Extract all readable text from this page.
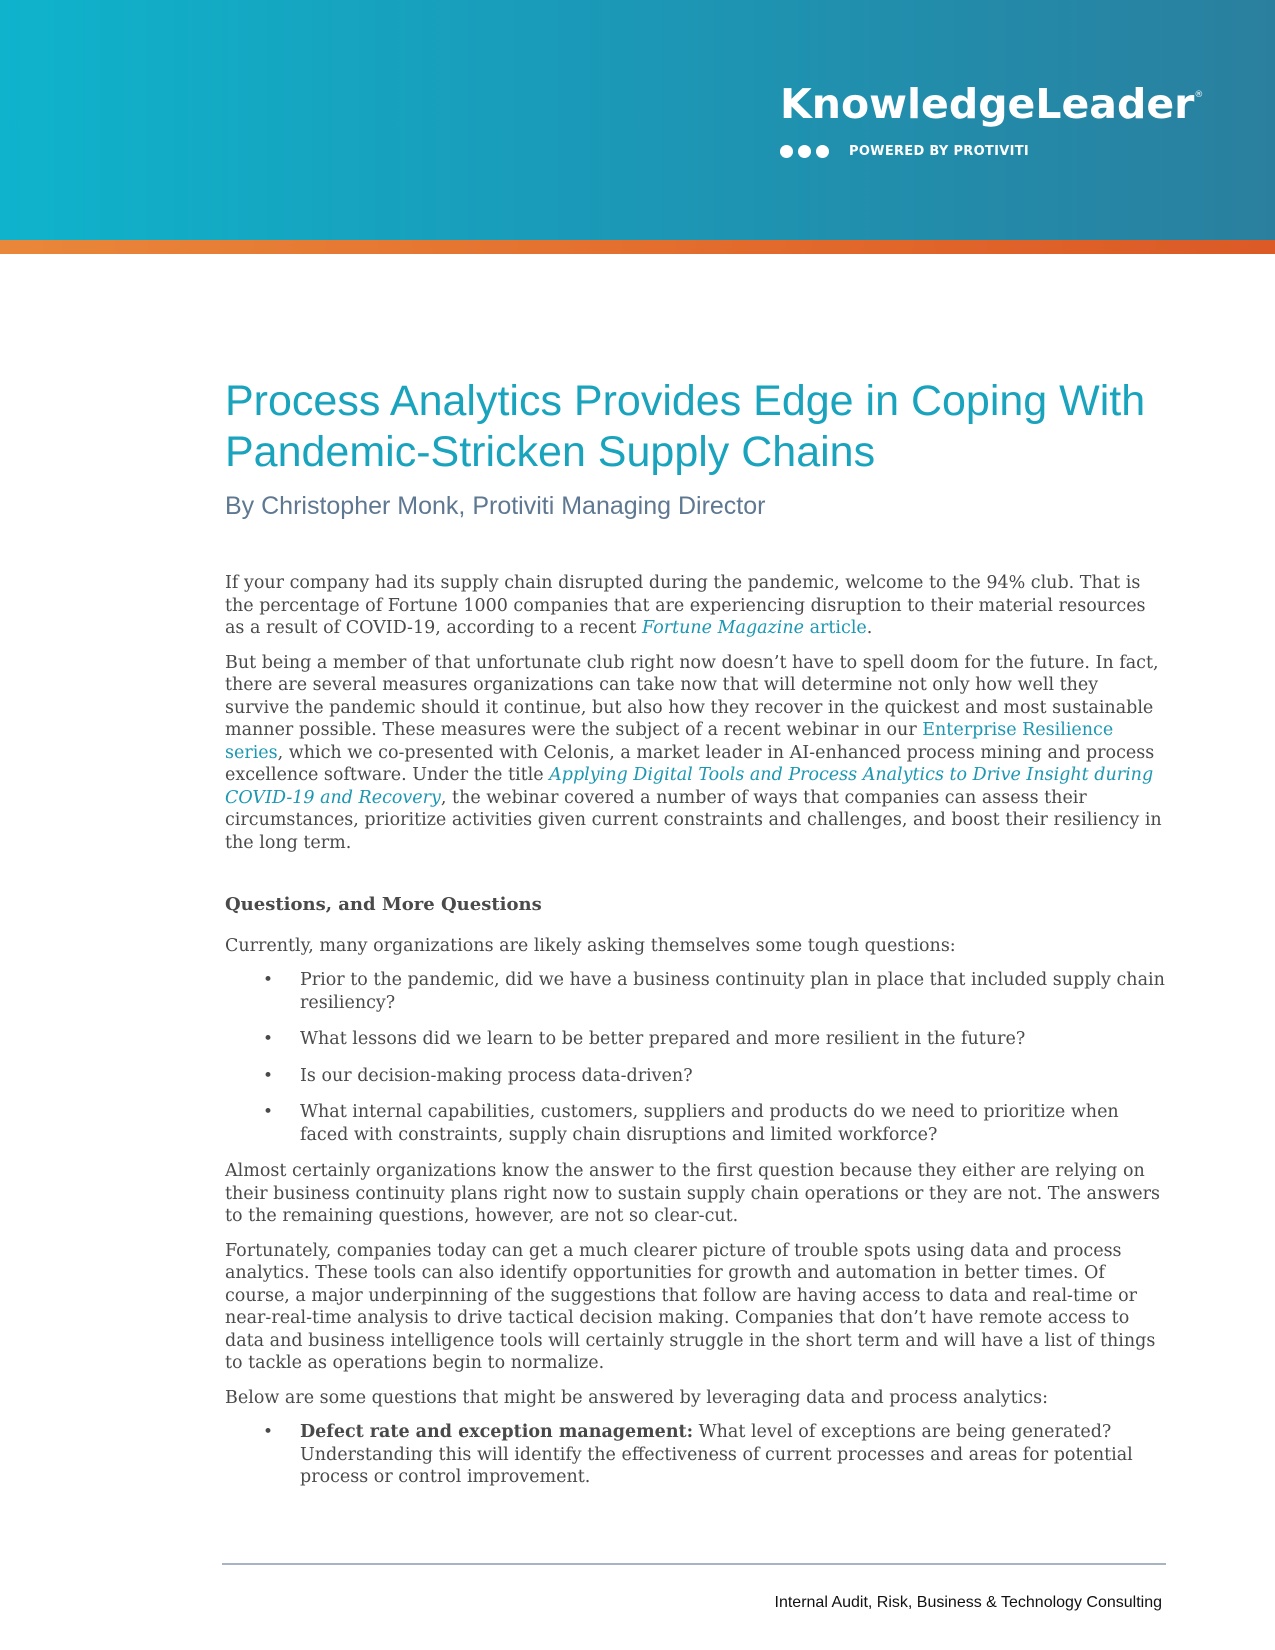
KnowledgeLeader®
POWERED BY PROTIVITI
Process Analytics Provides Edge in Coping With Pandemic-Stricken Supply Chains
By Christopher Monk, Protiviti Managing Director

If your company had its supply chain disrupted during the pandemic, welcome to the 94% club. That is the percentage of Fortune 1000 companies that are experiencing disruption to their material resources as a result of COVID-19, according to a recent Fortune Magazine article.

But being a member of that unfortunate club right now doesn’t have to spell doom for the future. In fact, there are several measures organizations can take now that will determine not only how well they survive the pandemic should it continue, but also how they recover in the quickest and most sustainable manner possible. These measures were the subject of a recent webinar in our Enterprise Resilience series, which we co-presented with Celonis, a market leader in AI-enhanced process mining and process excellence software. Under the title Applying Digital Tools and Process Analytics to Drive Insight during COVID-19 and Recovery, the webinar covered a number of ways that companies can assess their circumstances, prioritize activities given current constraints and challenges, and boost their resiliency in the long term.

Questions, and More Questions

Currently, many organizations are likely asking themselves some tough questions:

• Prior to the pandemic, did we have a business continuity plan in place that included supply chain resiliency?
• What lessons did we learn to be better prepared and more resilient in the future?
• Is our decision-making process data-driven?
• What internal capabilities, customers, suppliers and products do we need to prioritize when faced with constraints, supply chain disruptions and limited workforce?

Almost certainly organizations know the answer to the first question because they either are relying on their business continuity plans right now to sustain supply chain operations or they are not. The answers to the remaining questions, however, are not so clear-cut.

Fortunately, companies today can get a much clearer picture of trouble spots using data and process analytics. These tools can also identify opportunities for growth and automation in better times. Of course, a major underpinning of the suggestions that follow are having access to data and real-time or near-real-time analysis to drive tactical decision making. Companies that don’t have remote access to data and business intelligence tools will certainly struggle in the short term and will have a list of things to tackle as operations begin to normalize.

Below are some questions that might be answered by leveraging data and process analytics:

• Defect rate and exception management: What level of exceptions are being generated? Understanding this will identify the effectiveness of current processes and areas for potential process or control improvement.
Internal Audit, Risk, Business & Technology Consulting
